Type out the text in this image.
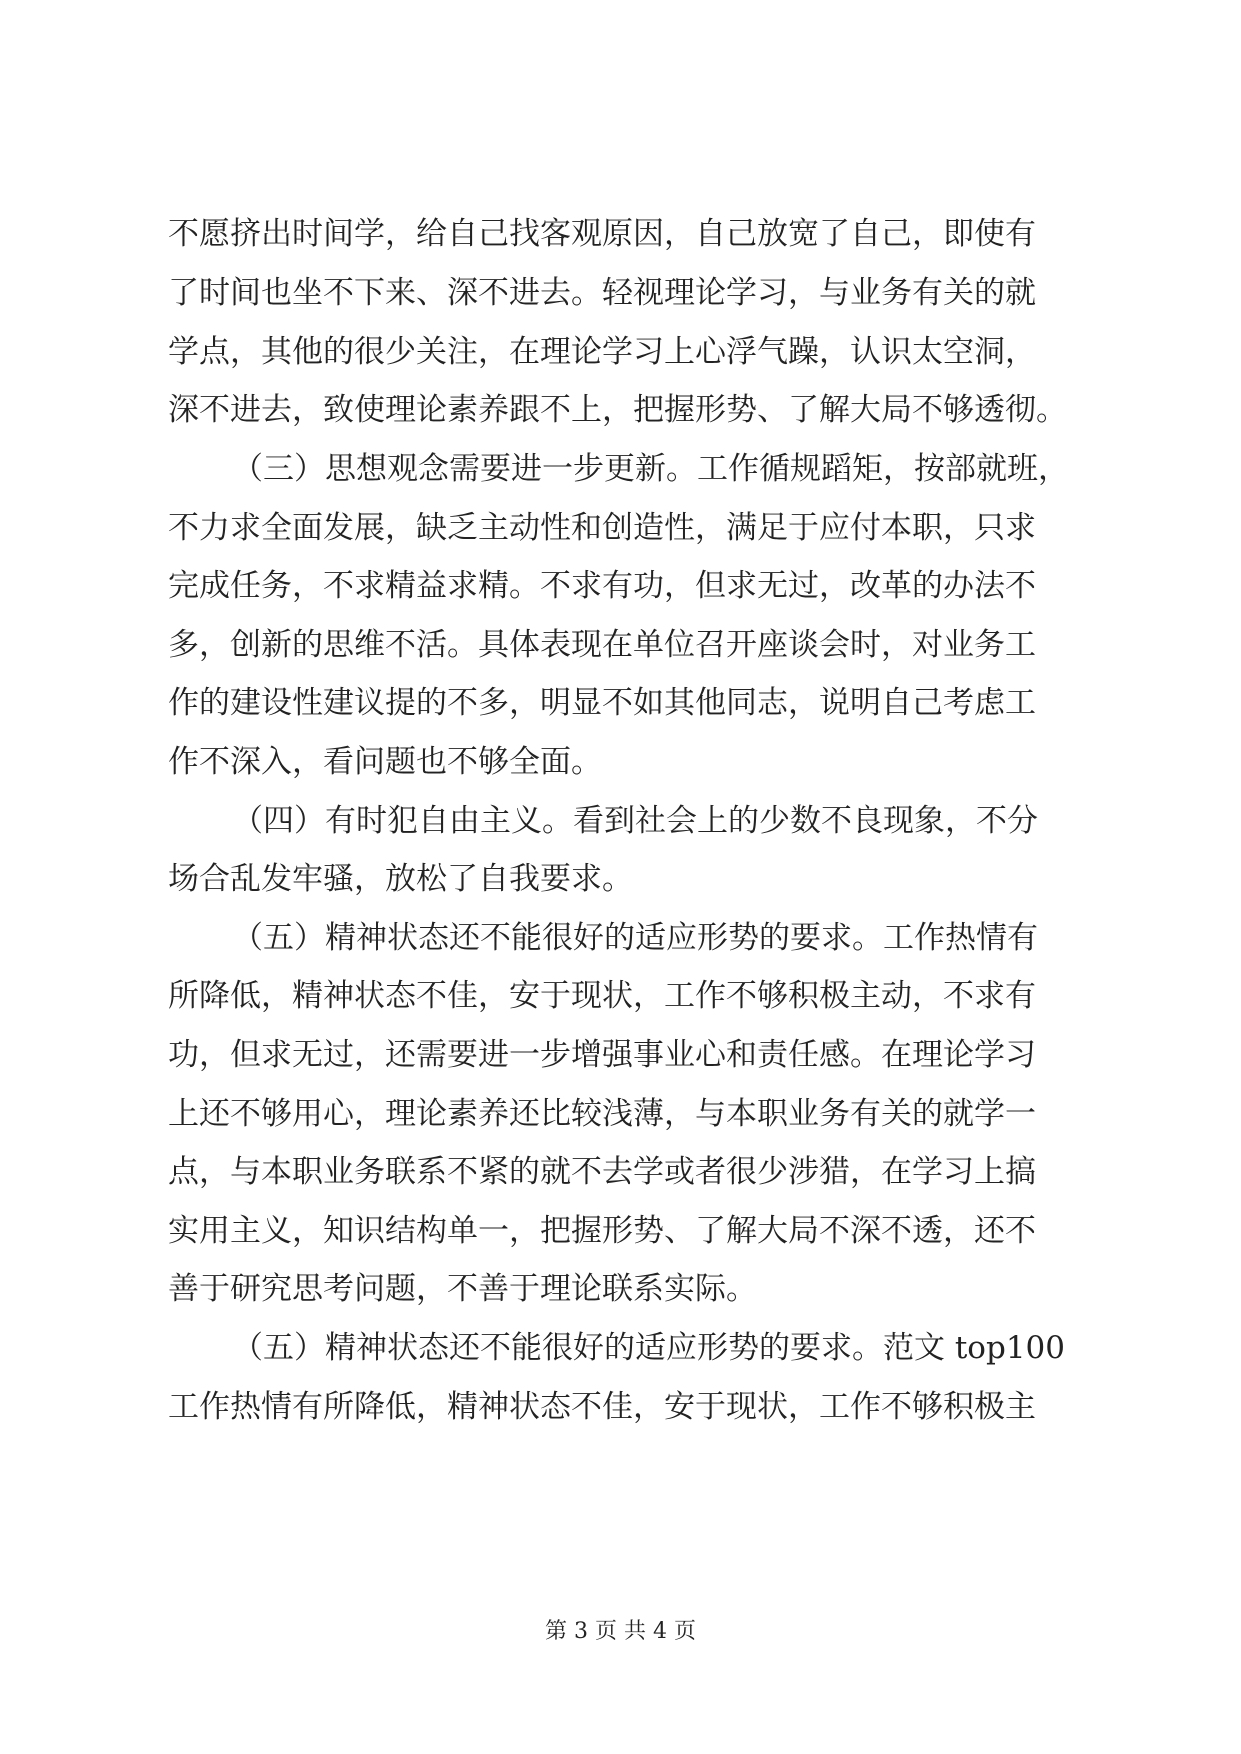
不愿挤出时间学，给自己找客观原因，自己放宽了自己，即使有
了时间也坐不下来、深不进去。轻视理论学习，与业务有关的就
学点，其他的很少关注，在理论学习上心浮气躁，认识太空洞，
深不进去，致使理论素养跟不上，把握形势、了解大局不够透彻。
（三）思想观念需要进一步更新。工作循规蹈矩，按部就班，
不力求全面发展，缺乏主动性和创造性，满足于应付本职，只求
完成任务，不求精益求精。不求有功，但求无过，改革的办法不
多，创新的思维不活。具体表现在单位召开座谈会时，对业务工
作的建设性建议提的不多，明显不如其他同志，说明自己考虑工
作不深入，看问题也不够全面。
（四）有时犯自由主义。看到社会上的少数不良现象，不分
场合乱发牢骚，放松了自我要求。
（五）精神状态还不能很好的适应形势的要求。工作热情有
所降低，精神状态不佳，安于现状，工作不够积极主动，不求有
功，但求无过，还需要进一步增强事业心和责任感。在理论学习
上还不够用心，理论素养还比较浅薄，与本职业务有关的就学一
点，与本职业务联系不紧的就不去学或者很少涉猎，在学习上搞
实用主义，知识结构单一，把握形势、了解大局不深不透，还不
善于研究思考问题，不善于理论联系实际。
（五）精神状态还不能很好的适应形势的要求。范文 top100
工作热情有所降低，精神状态不佳，安于现状，工作不够积极主
第 3 页 共 4 页
